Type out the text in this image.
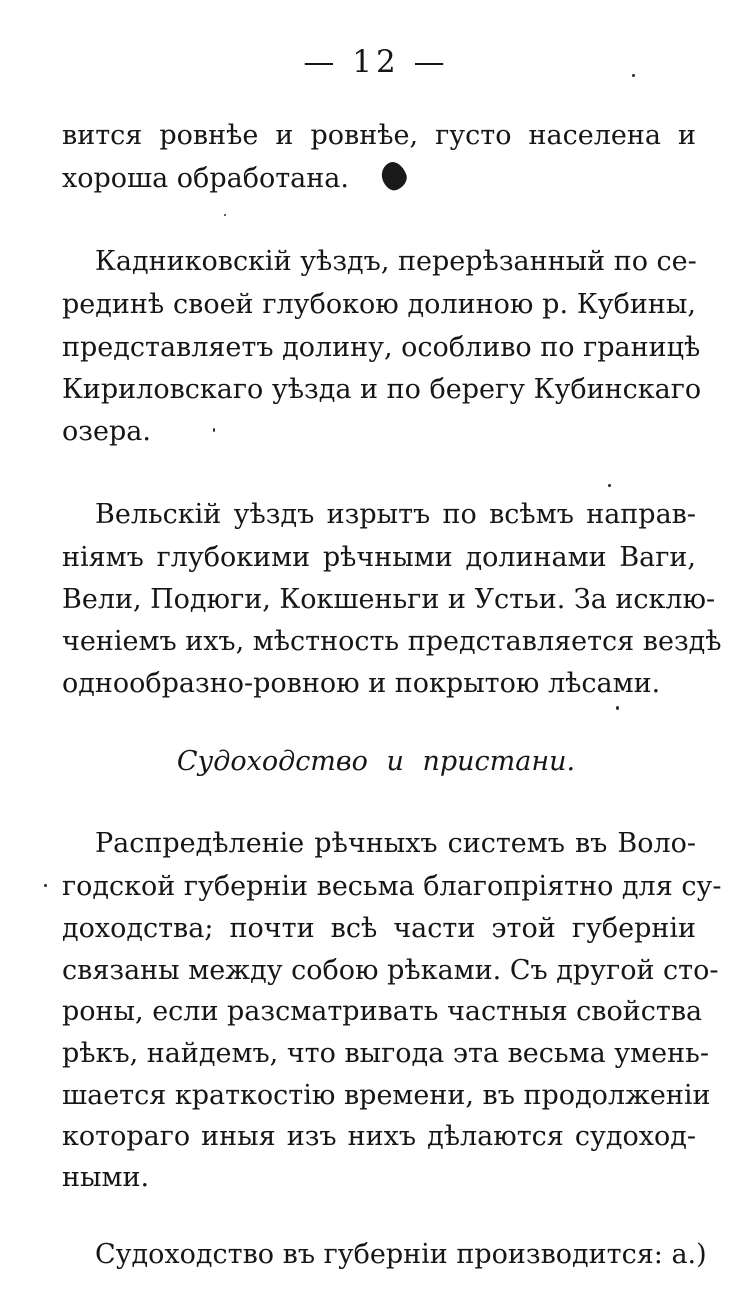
— 12 —
вится ровнѣе и ровнѣе, густо населена и
хороша обработана.
Кадниковскій уѣздъ, перерѣзанный по се-
рединѣ своей глубокою долиною р. Кубины,
представляетъ долину, особливо по границѣ
Кириловскаго уѣзда и по берегу Кубинскаго
озера.
Вельскій уѣздъ изрытъ по всѣмъ направ-
ніямъ глубокими рѣчными долинами Ваги,
Вели, Подюги, Кокшеньги и Устьи. За исклю-
ченіемъ ихъ, мѣстность представляется вездѣ
однообразно-ровною и покрытою лѣсами.
Судоходство и пристани.
Распредѣленіе рѣчныхъ системъ въ Воло-
годской губерніи весьма благопріятно для су-
доходства; почти всѣ части этой губерніи
связаны между собою рѣками. Съ другой сто-
роны, если разсматривать частныя свойства
рѣкъ, найдемъ, что выгода эта весьма умень-
шается краткостію времени, въ продолженіи
котораго иныя изъ нихъ дѣлаются судоход-
ными.
Судоходство въ губерніи производится: а.)
